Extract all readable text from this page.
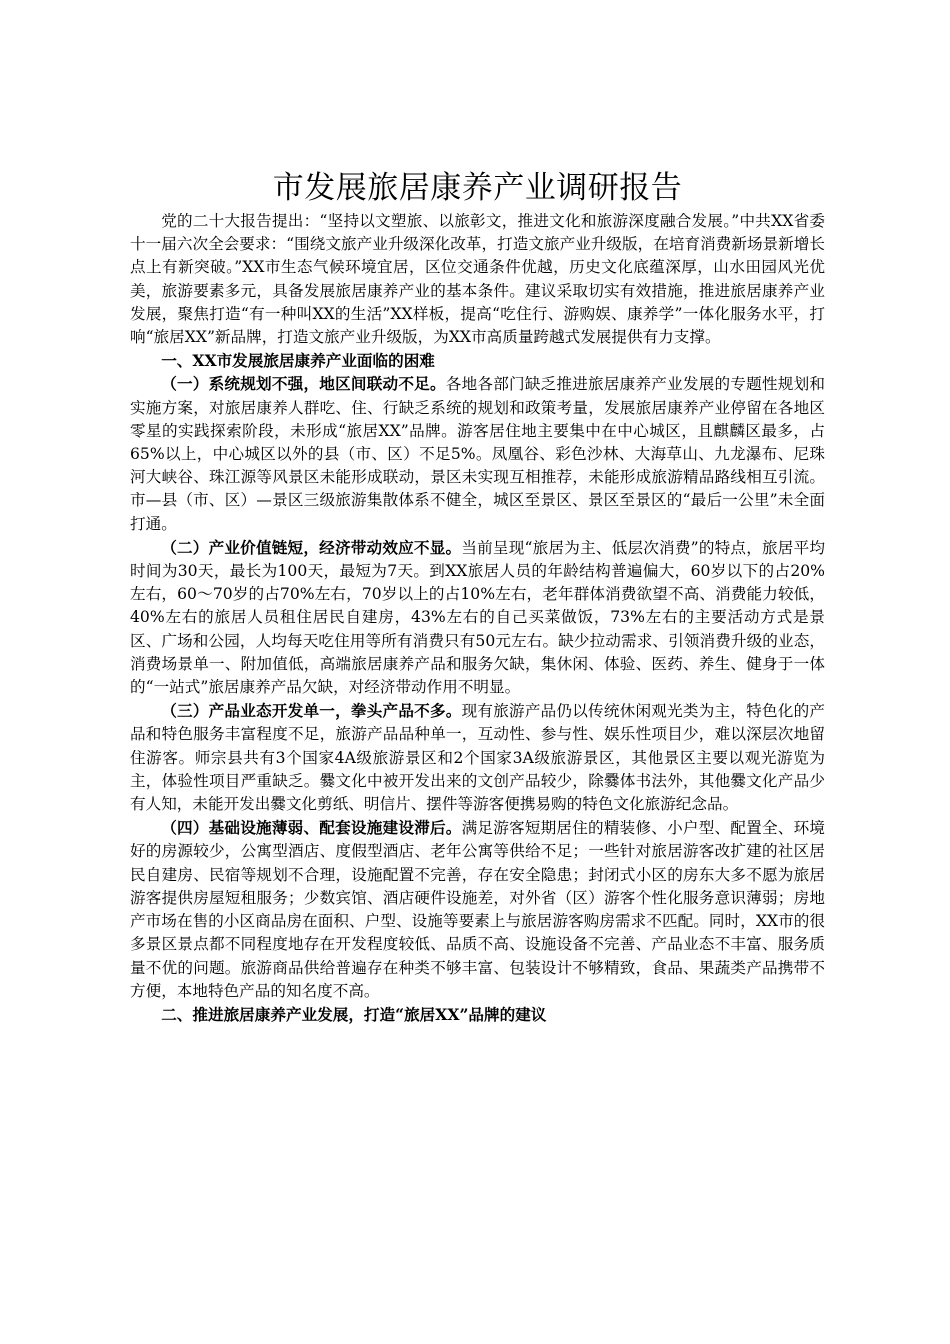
市发展旅居康养产业调研报告

党的二十大报告提出：“坚持以文塑旅、以旅彰文，推进文化和旅游深度融合发展。”中共XX省委十一届六次全会要求：“围绕文旅产业升级深化改革，打造文旅产业升级版，在培育消费新场景新增长点上有新突破。”XX市生态气候环境宜居，区位交通条件优越，历史文化底蕴深厚，山水田园风光优美，旅游要素多元，具备发展旅居康养产业的基本条件。建议采取切实有效措施，推进旅居康养产业发展，聚焦打造“有一种叫XX的生活”XX样板，提高“吃住行、游购娱、康养学”一体化服务水平，打响“旅居XX”新品牌，打造文旅产业升级版，为XX市高质量跨越式发展提供有力支撑。

一、XX市发展旅居康养产业面临的困难

（一）系统规划不强，地区间联动不足。各地各部门缺乏推进旅居康养产业发展的专题性规划和实施方案，对旅居康养人群吃、住、行缺乏系统的规划和政策考量，发展旅居康养产业停留在各地区零星的实践探索阶段，未形成“旅居XX”品牌。游客居住地主要集中在中心城区，且麒麟区最多，占65%以上，中心城区以外的县（市、区）不足5%。凤凰谷、彩色沙林、大海草山、九龙瀑布、尼珠河大峡谷、珠江源等风景区未能形成联动，景区未实现互相推荐，未能形成旅游精品路线相互引流。市—县（市、区）—景区三级旅游集散体系不健全，城区至景区、景区至景区的“最后一公里”未全面打通。

（二）产业价值链短，经济带动效应不显。当前呈现“旅居为主、低层次消费”的特点，旅居平均时间为30天，最长为100天，最短为7天。到XX旅居人员的年龄结构普遍偏大，60岁以下的占20%左右，60～70岁的占70%左右，70岁以上的占10%左右，老年群体消费欲望不高、消费能力较低，40%左右的旅居人员租住居民自建房，43%左右的自己买菜做饭，73%左右的主要活动方式是景区、广场和公园，人均每天吃住用等所有消费只有50元左右。缺少拉动需求、引领消费升级的业态，消费场景单一、附加值低，高端旅居康养产品和服务欠缺，集休闲、体验、医药、养生、健身于一体的“一站式”旅居康养产品欠缺，对经济带动作用不明显。

（三）产品业态开发单一，拳头产品不多。现有旅游产品仍以传统休闲观光类为主，特色化的产品和特色服务丰富程度不足，旅游产品品种单一，互动性、参与性、娱乐性项目少，难以深层次地留住游客。师宗县共有3个国家4A级旅游景区和2个国家3A级旅游景区，其他景区主要以观光游览为主，体验性项目严重缺乏。爨文化中被开发出来的文创产品较少，除爨体书法外，其他爨文化产品少有人知，未能开发出爨文化剪纸、明信片、摆件等游客便携易购的特色文化旅游纪念品。

（四）基础设施薄弱、配套设施建设滞后。满足游客短期居住的精装修、小户型、配置全、环境好的房源较少，公寓型酒店、度假型酒店、老年公寓等供给不足；一些针对旅居游客改扩建的社区居民自建房、民宿等规划不合理，设施配置不完善，存在安全隐患；封闭式小区的房东大多不愿为旅居游客提供房屋短租服务；少数宾馆、酒店硬件设施差，对外省（区）游客个性化服务意识薄弱；房地产市场在售的小区商品房在面积、户型、设施等要素上与旅居游客购房需求不匹配。同时，XX市的很多景区景点都不同程度地存在开发程度较低、品质不高、设施设备不完善、产品业态不丰富、服务质量不优的问题。旅游商品供给普遍存在种类不够丰富、包装设计不够精致，食品、果蔬类产品携带不方便，本地特色产品的知名度不高。

二、推进旅居康养产业发展，打造“旅居XX”品牌的建议
